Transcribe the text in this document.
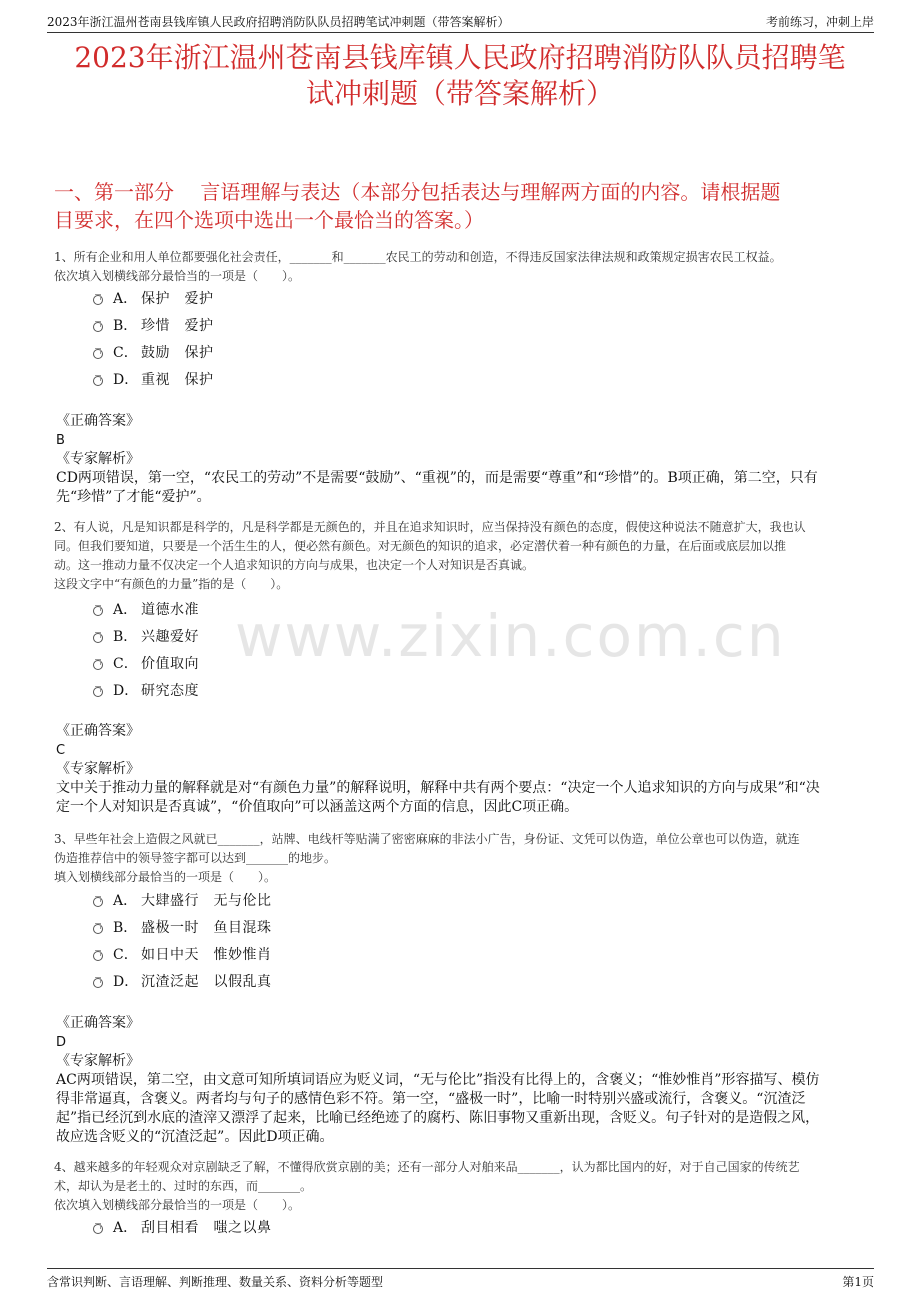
2023年浙江温州苍南县钱库镇人民政府招聘消防队队员招聘笔试冲刺题（带答案解析）	考前练习，冲刺上岸
2023年浙江温州苍南县钱库镇人民政府招聘消防队队员招聘笔
试冲刺题（带答案解析）
一、第一部分　 言语理解与表达（本部分包括表达与理解两方面的内容。请根据题
目要求，在四个选项中选出一个最恰当的答案。）
www.zixin.com.cn
1、所有企业和用人单位都要强化社会责任，_______和_______农民工的劳动和创造，不得违反国家法律法规和政策规定损害农民工权益。
依次填入划横线部分最恰当的一项是（　　）。
A． 保护　爱护
B． 珍惜　爱护
C． 鼓励　保护
D． 重视　保护
《正确答案》
B
《专家解析》
CD两项错误，第一空，“农民工的劳动”不是需要“鼓励”、“重视”的，而是需要“尊重”和“珍惜”的。B项正确，第二空，只有
先“珍惜”了才能“爱护”。
2、有人说，凡是知识都是科学的，凡是科学都是无颜色的，并且在追求知识时，应当保持没有颜色的态度，假使这种说法不随意扩大，我也认
同。但我们要知道，只要是一个活生生的人，便必然有颜色。对无颜色的知识的追求，必定潜伏着一种有颜色的力量，在后面或底层加以推
动。这一推动力量不仅决定一个人追求知识的方向与成果，也决定一个人对知识是否真诚。
这段文字中“有颜色的力量”指的是（　　）。
A． 道德水准
B． 兴趣爱好
C． 价值取向
D． 研究态度
《正确答案》
C
《专家解析》
文中关于推动力量的解释就是对“有颜色力量”的解释说明，解释中共有两个要点：“决定一个人追求知识的方向与成果”和“决
定一个人对知识是否真诚”，“价值取向”可以涵盖这两个方面的信息，因此C项正确。
3、早些年社会上造假之风就已_______，站牌、电线杆等贴满了密密麻麻的非法小广告，身份证、文凭可以伪造，单位公章也可以伪造，就连
伪造推荐信中的领导签字都可以达到_______的地步。
填入划横线部分最恰当的一项是（　　）。
A． 大肆盛行　无与伦比
B． 盛极一时　鱼目混珠
C． 如日中天　惟妙惟肖
D． 沉渣泛起　以假乱真
《正确答案》
D
《专家解析》
AC两项错误，第二空，由文意可知所填词语应为贬义词，“无与伦比”指没有比得上的，含褒义；“惟妙惟肖”形容描写、模仿
得非常逼真，含褒义。两者均与句子的感情色彩不符。第一空，“盛极一时”，比喻一时特别兴盛或流行，含褒义。“沉渣泛
起”指已经沉到水底的渣滓又漂浮了起来，比喻已经绝迹了的腐朽、陈旧事物又重新出现，含贬义。句子针对的是造假之风，
故应选含贬义的“沉渣泛起”。因此D项正确。
4、越来越多的年轻观众对京剧缺乏了解，不懂得欣赏京剧的美；还有一部分人对舶来品_______，认为都比国内的好，对于自己国家的传统艺
术，却认为是老土的、过时的东西，而_______。
依次填入划横线部分最恰当的一项是（　　）。
A． 刮目相看　嗤之以鼻
含常识判断、言语理解、判断推理、数量关系、资料分析等题型	第1页
